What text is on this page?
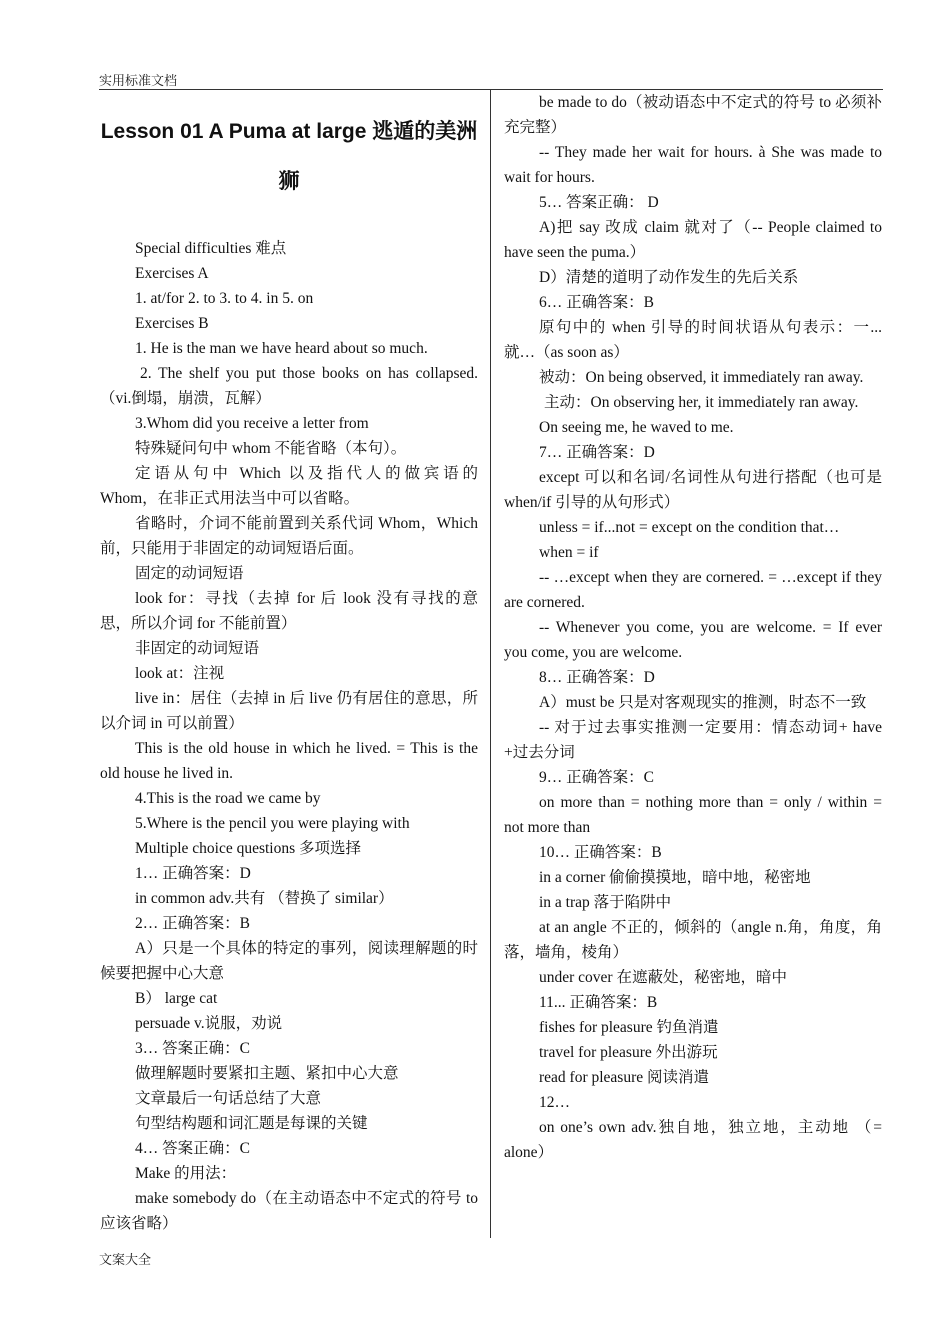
实用标准文档
Lesson 01 A Puma at large 逃遁的美洲狮

Special difficulties 难点

Exercises A

1. at/for 2. to 3. to 4. in 5. on

Exercises B

1. He is the man we have heard about so much.

2. The shelf you put those books on has collapsed.（vi.倒塌，崩溃，瓦解）

3.Whom did you receive a letter from

特殊疑问句中 whom 不能省略（本句）。

定语从句中 Which 以及指代人的做宾语的 Whom，在非正式用法当中可以省略。

省略时，介词不能前置到关系代词 Whom，Which 前，只能用于非固定的动词短语后面。

固定的动词短语

look for：寻找（去掉 for 后 look 没有寻找的意思，所以介词 for 不能前置）

非固定的动词短语

look at：注视

live in：居住（去掉 in 后 live 仍有居住的意思，所以介词 in 可以前置）

This is the old house in which he lived. = This is the old house he lived in.

4.This is the road we came by

5.Where is the pencil you were playing with

Multiple choice questions 多项选择

1… 正确答案：D

in common adv.共有 （替换了 similar）

2… 正确答案：B

A）只是一个具体的特定的事列，阅读理解题的时候要把握中心大意

B） large cat

persuade v.说服，劝说

3… 答案正确：C

做理解题时要紧扣主题、紧扣中心大意

文章最后一句话总结了大意

句型结构题和词汇题是每课的关键

4… 答案正确：C

Make 的用法：

make somebody do（在主动语态中不定式的符号 to 应该省略）

be made to do（被动语态中不定式的符号 to 必须补充完整）

-- They made her wait for hours. à She was made to wait for hours.

5… 答案正确： D

A)把 say 改成 claim 就对了（-- People claimed to have seen the puma.）

D）清楚的道明了动作发生的先后关系

6… 正确答案：B

原句中的 when 引导的时间状语从句表示：一...就…（as soon as）

被动：On being observed, it immediately ran away.

主动：On observing her, it immediately ran away.

On seeing me, he waved to me.

7… 正确答案：D

except 可以和名词/名词性从句进行搭配（也可是 when/if 引导的从句形式）

unless = if...not = except on the condition that…

when = if

-- …except when they are cornered. = …except if they are cornered.

-- Whenever you come, you are welcome. = If ever you come, you are welcome.

8… 正确答案：D

A）must be 只是对客观现实的推测，时态不一致

-- 对于过去事实推测一定要用：情态动词+ have +过去分词

9… 正确答案：C

on more than = nothing more than = only / within = not more than

10… 正确答案：B

in a corner 偷偷摸摸地，暗中地，秘密地

in a trap 落于陷阱中

at an angle 不正的，倾斜的（angle n.角，角度，角落，墙角，棱角）

under cover 在遮蔽处，秘密地，暗中

11... 正确答案：B

fishes for pleasure 钓鱼消遣

travel for pleasure 外出游玩

read for pleasure 阅读消遣

12…

on one’s own adv.独自地，独立地，主动地 （= alone）

文案大全
